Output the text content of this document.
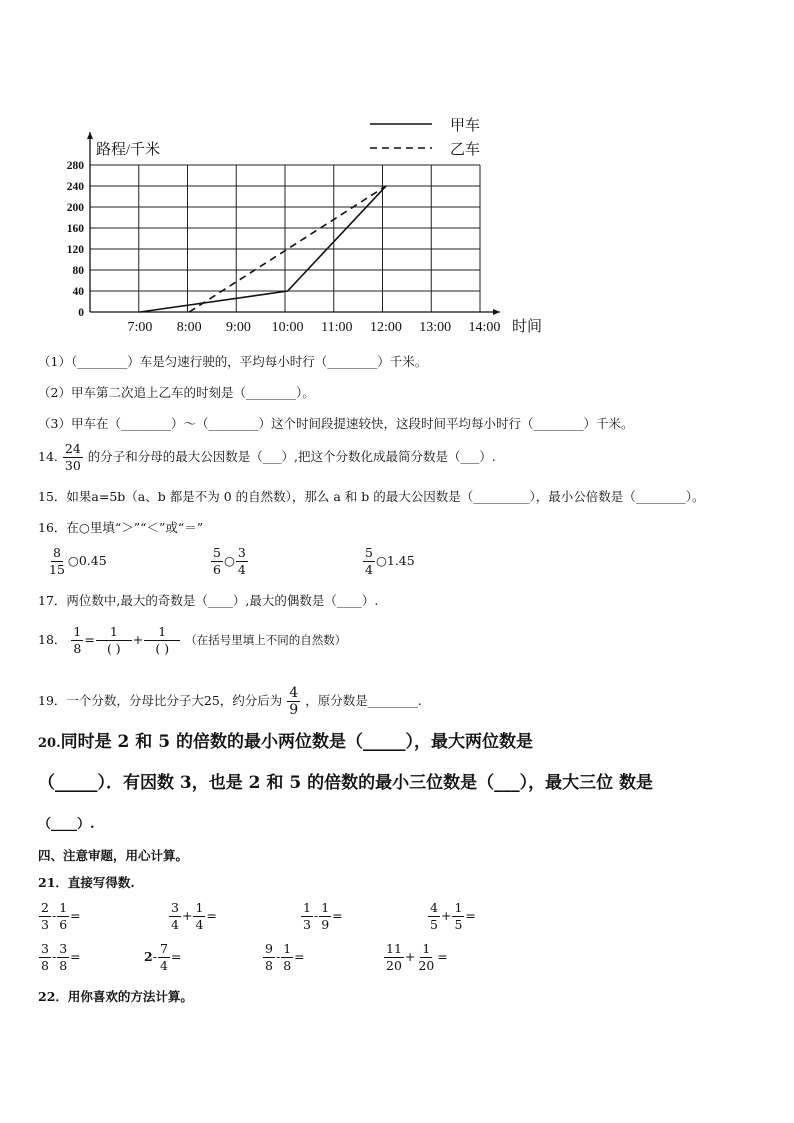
0
40
80
120
160
200
240
280
路程/千米
时间
7:00 8:00 9:00 10:00 11:00 12:00 13:00 14:00
甲车
乙车
（1）（________）车是匀速行驶的，平均每小时行（________）千米。
（2）甲车第二次追上乙车的时刻是（________）。
（3）甲车在（________）～（________）这个时间段提速较快，这段时间平均每小时行（________）千米。
14. $\frac{24}{30}$ 的分子和分母的最大公因数是（___）,把这个分数化成最简分数是（___）.
15．如果a=5b（a、b 都是不为 0 的自然数），那么 a 和 b 的最大公因数是（_________），最小公倍数是（________）。
16．在○里填“＞”“＜”或“＝”
$\frac{8}{15}$ ○0.45	$\frac{5}{6}$ ○ $\frac{3}{4}$	$\frac{5}{4}$ ○1.45
17．两位数中,最大的奇数是（____）,最大的偶数是（____）.
18． $\frac{1}{8} = \frac{1}{( )} + \frac{1}{( )}$ （在括号里填上不同的自然数）
19．一个分数，分母比分子大25，约分后为 $\frac{4}{9}$ ，原分数是________.
20.同时是 2 和 5 的倍数的最小两位数是（_____），最大两位数是
（_____）．有因数 3，也是 2 和 5 的倍数的最小三位数是（___），最大三位 数是
（____）.
四、注意审题，用心计算。
21．直接写得数.
$\frac{2}{3} - \frac{1}{6}$ =	$\frac{3}{4} + \frac{1}{4}$ =	$\frac{1}{3} - \frac{1}{9}$ =	$\frac{4}{5} + \frac{1}{5}$ =
$\frac{3}{8} - \frac{3}{8}$ =	$2- \frac{7}{4}$ =	$\frac{9}{8} - \frac{1}{8}$ =	$\frac{11}{20} + \frac{1}{20}$ =
22．用你喜欢的方法计算。
